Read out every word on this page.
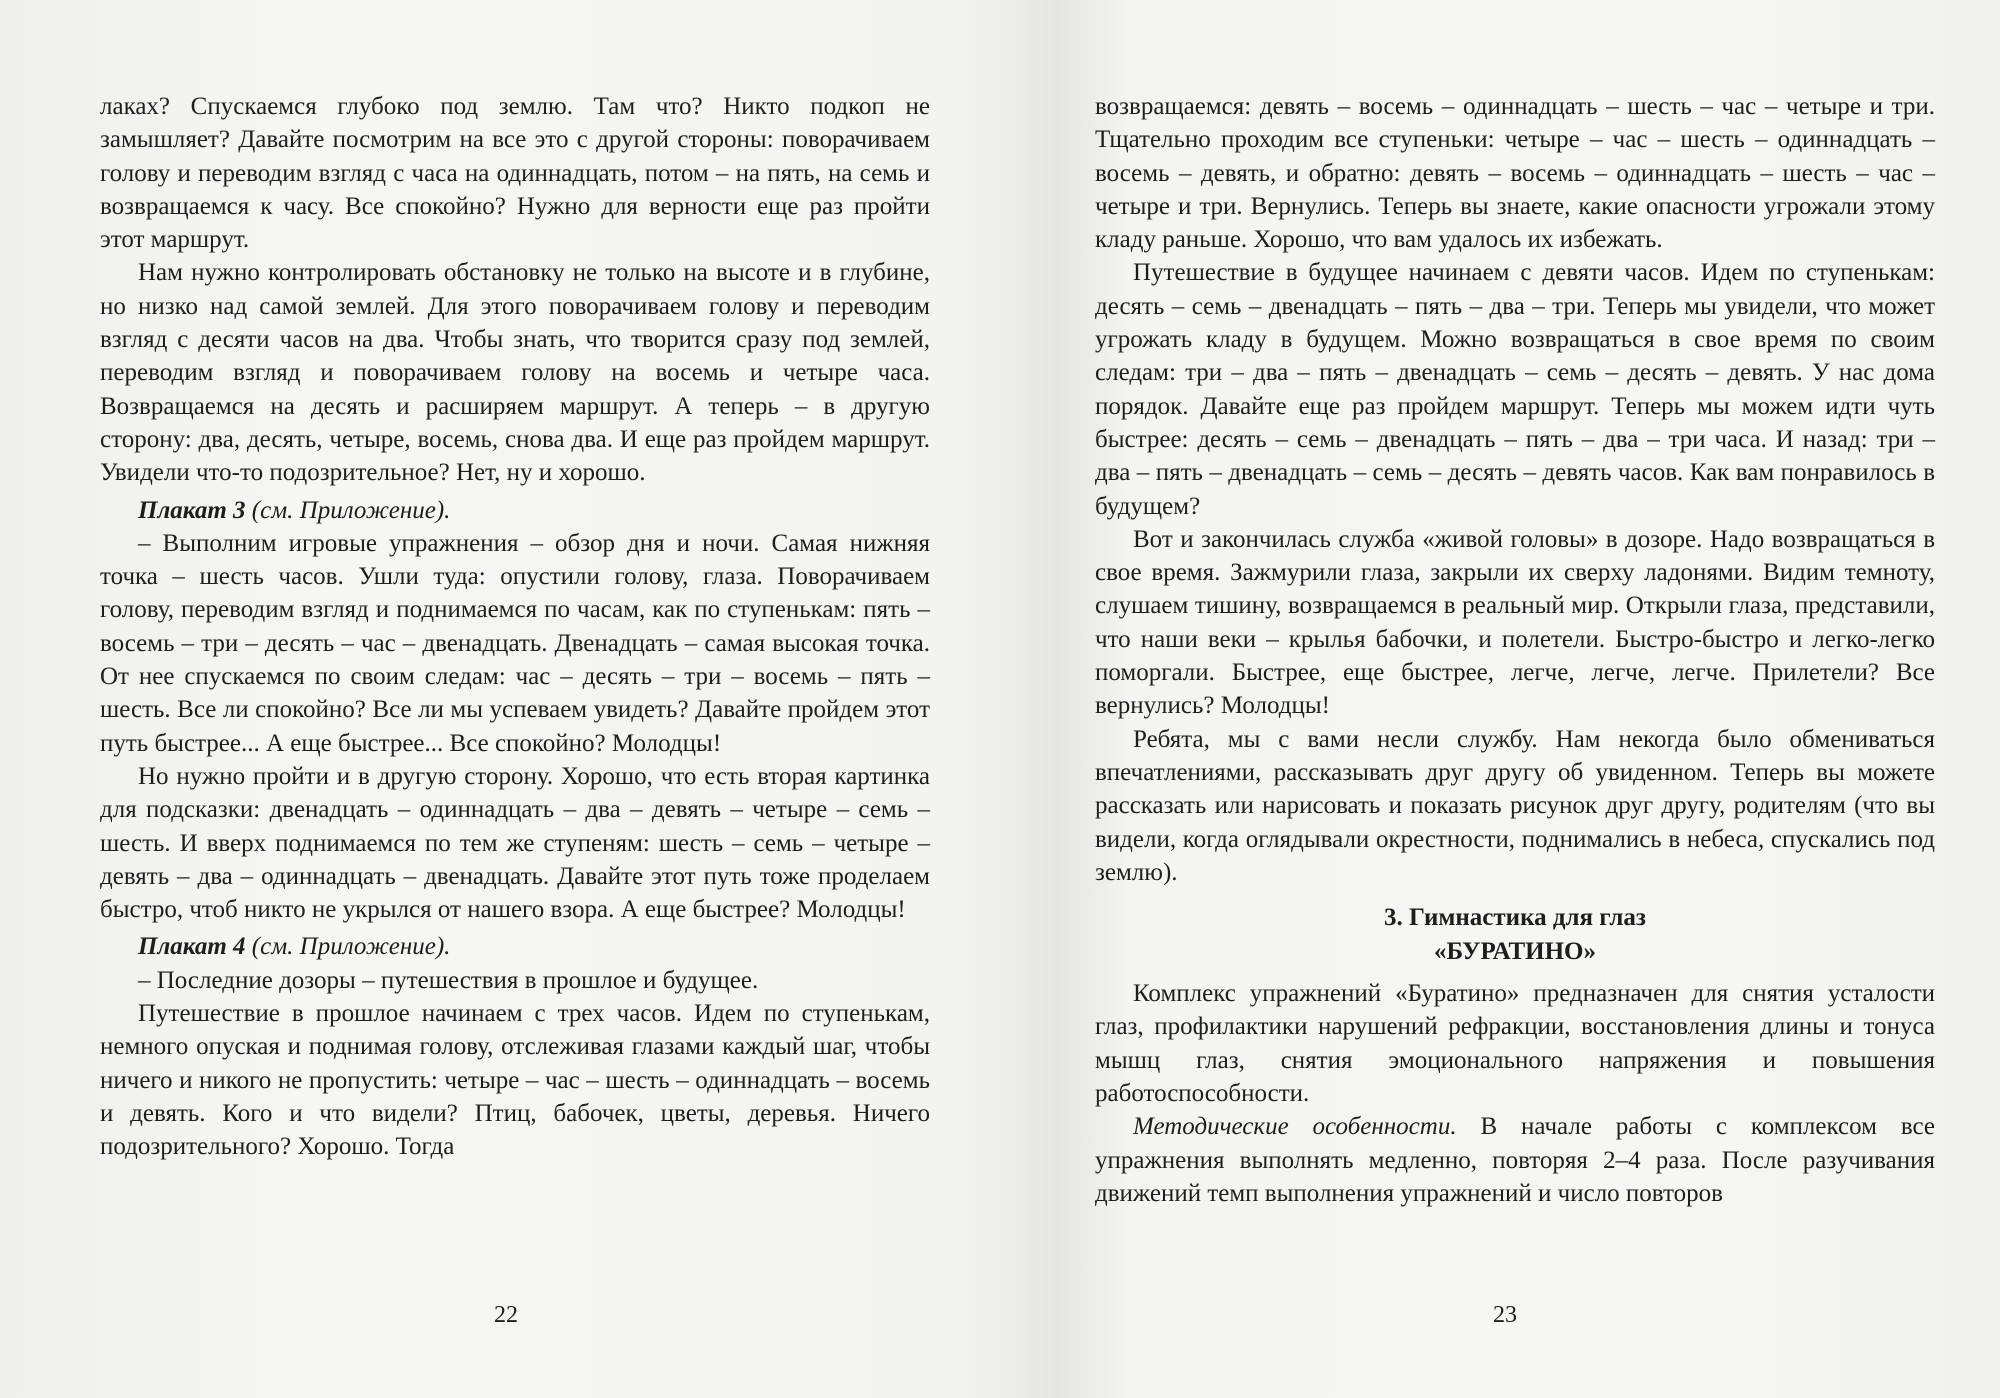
лаках? Спускаемся глубоко под землю. Там что? Никто подкоп не замышляет? Давайте посмотрим на все это с другой стороны: поворачиваем голову и переводим взгляд с часа на одиннадцать, потом – на пять, на семь и возвращаемся к часу. Все спокойно? Нужно для верности еще раз пройти этот маршрут.

Нам нужно контролировать обстановку не только на высоте и в глубине, но низко над самой землей. Для этого поворачиваем голову и переводим взгляд с десяти часов на два. Чтобы знать, что творится сразу под землей, переводим взгляд и поворачиваем голову на восемь и четыре часа. Возвращаемся на десять и расширяем маршрут. А теперь – в другую сторону: два, десять, четыре, восемь, снова два. И еще раз пройдем маршрут. Увидели что-то подозрительное? Нет, ну и хорошо.

Плакат 3 (см. Приложение).

– Выполним игровые упражнения – обзор дня и ночи. Самая нижняя точка – шесть часов. Ушли туда: опустили голову, глаза. Поворачиваем голову, переводим взгляд и поднимаемся по часам, как по ступенькам: пять – восемь – три – десять – час – двенадцать. Двенадцать – самая высокая точка. От нее спускаемся по своим следам: час – десять – три – восемь – пять – шесть. Все ли спокойно? Все ли мы успеваем увидеть? Давайте пройдем этот путь быстрее... А еще быстрее... Все спокойно? Молодцы!

Но нужно пройти и в другую сторону. Хорошо, что есть вторая картинка для подсказки: двенадцать – одиннадцать – два – девять – четыре – семь – шесть. И вверх поднимаемся по тем же ступеням: шесть – семь – четыре – девять – два – одиннадцать – двенадцать. Давайте этот путь тоже проделаем быстро, чтоб никто не укрылся от нашего взора. А еще быстрее? Молодцы!

Плакат 4 (см. Приложение).

– Последние дозоры – путешествия в прошлое и будущее.

Путешествие в прошлое начинаем с трех часов. Идем по ступенькам, немного опуская и поднимая голову, отслеживая глазами каждый шаг, чтобы ничего и никого не пропустить: четыре – час – шесть – одиннадцать – восемь и девять. Кого и что видели? Птиц, бабочек, цветы, деревья. Ничего подозрительного? Хорошо. Тогда

22

возвращаемся: девять – восемь – одиннадцать – шесть – час – четыре и три. Тщательно проходим все ступеньки: четыре – час – шесть – одиннадцать – восемь – девять, и обратно: девять – восемь – одиннадцать – шесть – час – четыре и три. Вернулись. Теперь вы знаете, какие опасности угрожали этому кладу раньше. Хорошо, что вам удалось их избежать.

Путешествие в будущее начинаем с девяти часов. Идем по ступенькам: десять – семь – двенадцать – пять – два – три. Теперь мы увидели, что может угрожать кладу в будущем. Можно возвращаться в свое время по своим следам: три – два – пять – двенадцать – семь – десять – девять. У нас дома порядок. Давайте еще раз пройдем маршрут. Теперь мы можем идти чуть быстрее: десять – семь – двенадцать – пять – два – три часа. И назад: три – два – пять – двенадцать – семь – десять – девять часов. Как вам понравилось в будущем?

Вот и закончилась служба «живой головы» в дозоре. Надо возвращаться в свое время. Зажмурили глаза, закрыли их сверху ладонями. Видим темноту, слушаем тишину, возвращаемся в реальный мир. Открыли глаза, представили, что наши веки – крылья бабочки, и полетели. Быстро-быстро и легко-легко поморгали. Быстрее, еще быстрее, легче, легче, легче. Прилетели? Все вернулись? Молодцы!

Ребята, мы с вами несли службу. Нам некогда было обмениваться впечатлениями, рассказывать друг другу об увиденном. Теперь вы можете рассказать или нарисовать и показать рисунок друг другу, родителям (что вы видели, когда оглядывали окрестности, поднимались в небеса, спускались под землю).

3. Гимнастика для глаз
«БУРАТИНО»

Комплекс упражнений «Буратино» предназначен для снятия усталости глаз, профилактики нарушений рефракции, восстановления длины и тонуса мышц глаз, снятия эмоционального напряжения и повышения работоспособности.

Методические особенности. В начале работы с комплексом все упражнения выполнять медленно, повторяя 2–4 раза. После разучивания движений темп выполнения упражнений и число повторов

23
